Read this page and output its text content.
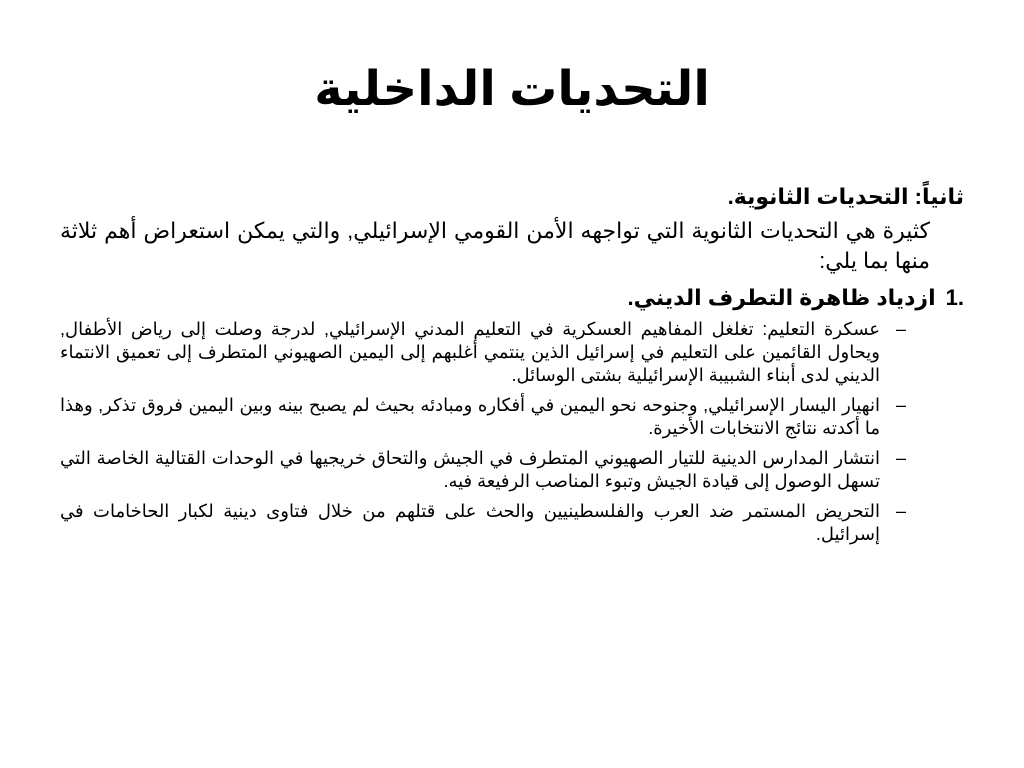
التحديات الداخلية
ثانياً: التحديات الثانوية.
كثيرة هي التحديات الثانوية التي تواجهه الأمن القومي الإسرائيلي, والتي يمكن استعراض أهم ثلاثة منها بما يلي:
1.
ازدياد ظاهرة التطرف الديني.
–
عسكرة التعليم: تغلغل المفاهيم العسكرية في التعليم المدني الإسرائيلي, لدرجة وصلت إلى رياض الأطفال, ويحاول القائمين على التعليم في إسرائيل الذين ينتمي أغلبهم إلى اليمين الصهيوني المتطرف إلى تعميق الانتماء الديني لدى أبناء الشبيبة الإسرائيلية بشتى الوسائل.
–
انهيار اليسار الإسرائيلي, وجنوحه نحو اليمين في أفكاره ومبادئه بحيث لم يصبح بينه وبين اليمين فروق تذكر, وهذا ما أكدته نتائج الانتخابات الأخيرة.
–
انتشار المدارس الدينية للتيار الصهيوني المتطرف في الجيش والتحاق خريجيها في الوحدات القتالية الخاصة التي تسهل الوصول إلى قيادة الجيش وتبوء المناصب الرفيعة فيه.
–
التحريض المستمر ضد العرب والفلسطينيين والحث على قتلهم من خلال فتاوى دينية لكبار الحاخامات في إسرائيل.
